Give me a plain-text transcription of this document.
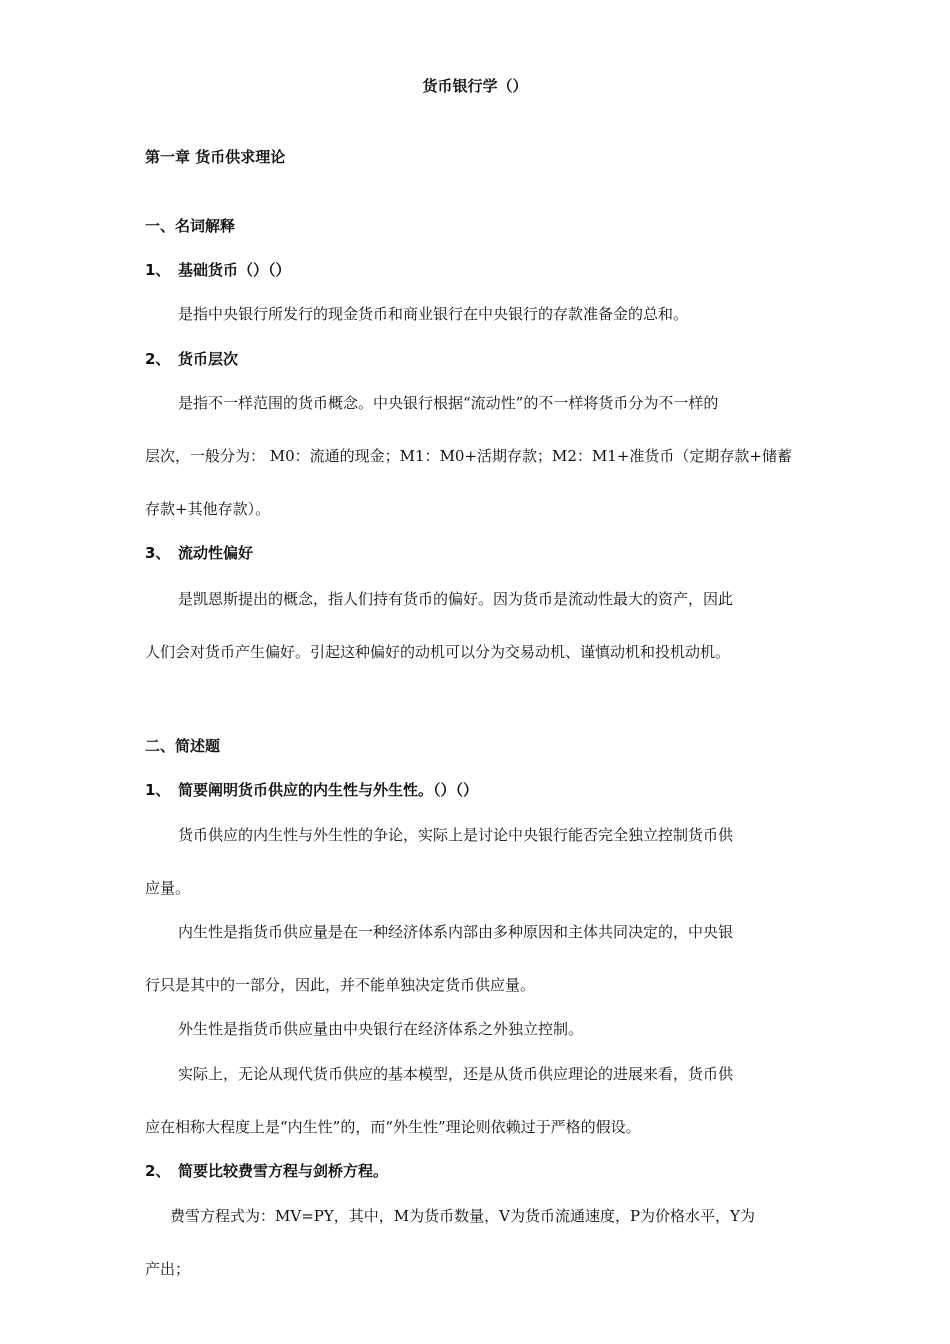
货币银行学（）
第一章 货币供求理论
一、名词解释
1、 基础货币（）（）
是指中央银行所发行的现金货币和商业银行在中央银行的存款准备金的总和。
2、 货币层次
是指不一样范围的货币概念。中央银行根据“流动性”的不一样将货币分为不一样的
层次，一般分为： M0：流通的现金；M1：M0+活期存款；M2：M1+准货币（定期存款+储蓄
存款+其他存款）。
3、 流动性偏好
是凯恩斯提出的概念，指人们持有货币的偏好。因为货币是流动性最大的资产，因此
人们会对货币产生偏好。引起这种偏好的动机可以分为交易动机、谨慎动机和投机动机。
二、简述题
1、 简要阐明货币供应的内生性与外生性。（）（）
货币供应的内生性与外生性的争论，实际上是讨论中央银行能否完全独立控制货币供
应量。
内生性是指货币供应量是在一种经济体系内部由多种原因和主体共同决定的，中央银
行只是其中的一部分，因此，并不能单独决定货币供应量。
外生性是指货币供应量由中央银行在经济体系之外独立控制。
实际上，无论从现代货币供应的基本模型，还是从货币供应理论的进展来看，货币供
应在相称大程度上是“内生性”的，而“外生性”理论则依赖过于严格的假设。
2、 简要比较费雪方程与剑桥方程。
费雪方程式为：MV=PY，其中，M为货币数量，V为货币流通速度，P为价格水平，Y为
产出；
